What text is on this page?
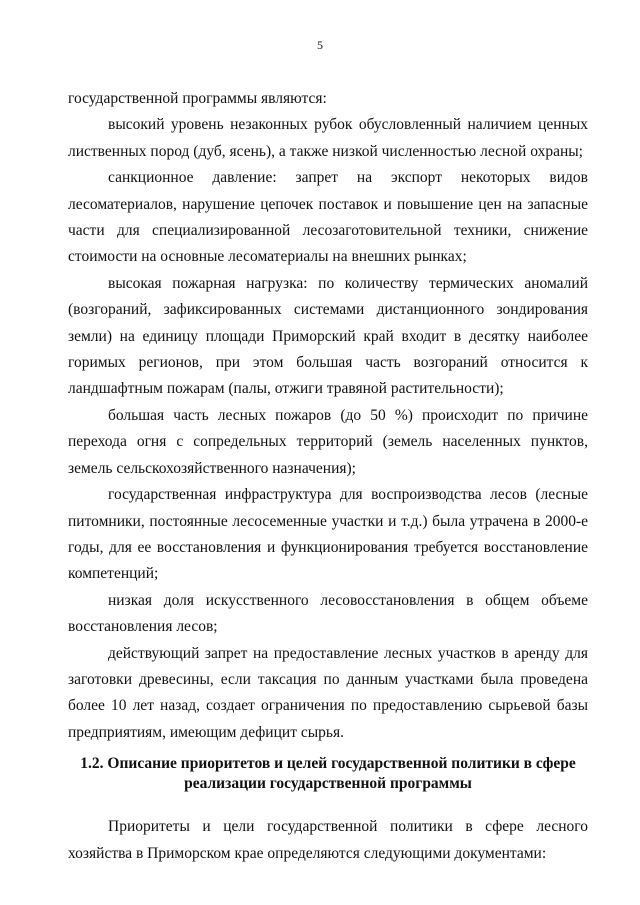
5

государственной программы являются:

высокий уровень незаконных рубок обусловленный наличием ценных лиственных пород (дуб, ясень), а также низкой численностью лесной охраны;

санкционное давление: запрет на экспорт некоторых видов лесоматериалов, нарушение цепочек поставок и повышение цен на запасные части для специализированной лесозаготовительной техники, снижение стоимости на основные лесоматериалы на внешних рынках;

высокая пожарная нагрузка: по количеству термических аномалий (возгораний, зафиксированных системами дистанционного зондирования земли) на единицу площади Приморский край входит в десятку наиболее горимых регионов, при этом большая часть возгораний относится к ландшафтным пожарам (палы, отжиги травяной растительности);

большая часть лесных пожаров (до 50 %) происходит по причине перехода огня с сопредельных территорий (земель населенных пунктов, земель сельскохозяйственного назначения);

государственная инфраструктура для воспроизводства лесов (лесные питомники, постоянные лесосеменные участки и т.д.) была утрачена в 2000-е годы, для ее восстановления и функционирования требуется восстановление компетенций;

низкая доля искусственного лесовосстановления в общем объеме восстановления лесов;

действующий запрет на предоставление лесных участков в аренду для заготовки древесины, если таксация по данным участками была проведена более 10 лет назад, создает ограничения по предоставлению сырьевой базы предприятиям, имеющим дефицит сырья.

1.2. Описание приоритетов и целей государственной политики в сфере
реализации государственной программы

Приоритеты и цели государственной политики в сфере лесного хозяйства в Приморском крае определяются следующими документами:
